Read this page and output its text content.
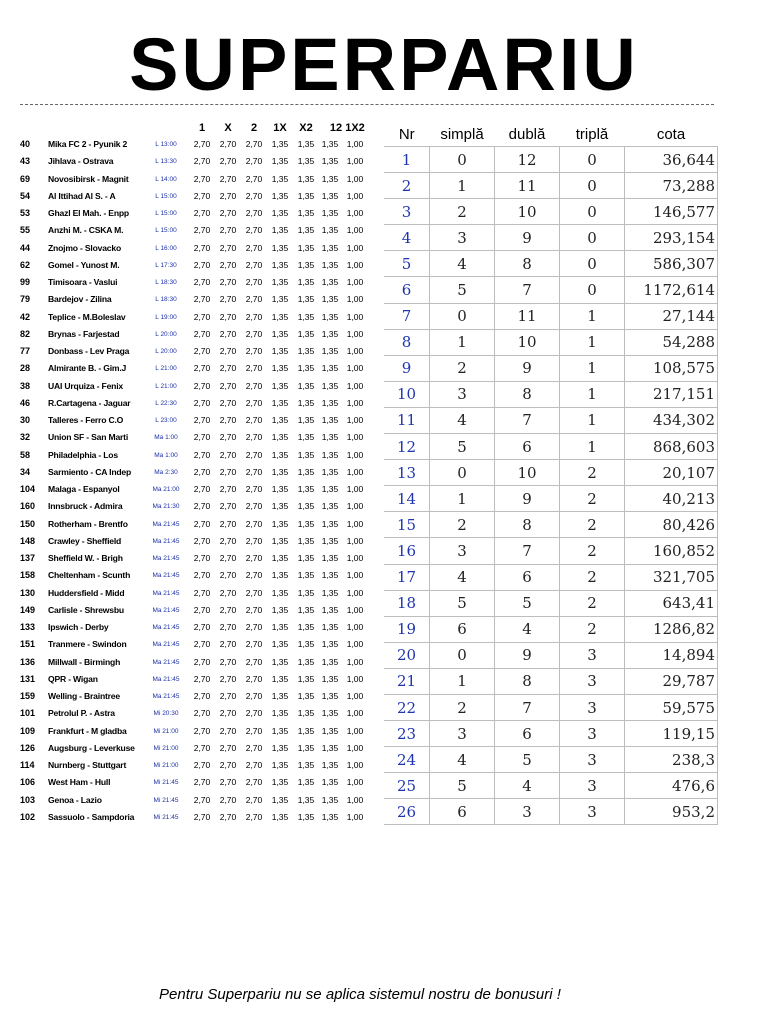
SUPERPARIU
1	X	2	1X	X2	12 1X2
40	Mika FC 2 - Pyunik 2	L 13:00	2,70	2,70	2,70	1,35	1,35 1,35 1,00
43	Jihlava - Ostrava	L 13:30	2,70	2,70	2,70	1,35	1,35 1,35 1,00
69	Novosibirsk - Magnit	L 14:00	2,70	2,70	2,70	1,35	1,35 1,35 1,00
54	Al Ittihad Al S. - A	L 15:00	2,70	2,70	2,70	1,35	1,35 1,35 1,00
53	Ghazl El Mah. - Enpp	L 15:00	2,70	2,70	2,70	1,35	1,35 1,35 1,00
55	Anzhi M. - CSKA M.	L 15:00	2,70	2,70	2,70	1,35	1,35 1,35 1,00
44	Znojmo - Slovacko	L 16:00	2,70	2,70	2,70	1,35	1,35 1,35 1,00
62	Gomel - Yunost M.	L 17:30	2,70	2,70	2,70	1,35	1,35 1,35 1,00
99	Timisoara - Vaslui	L 18:30	2,70	2,70	2,70	1,35	1,35 1,35 1,00
79	Bardejov - Zilina	L 18:30	2,70	2,70	2,70	1,35	1,35 1,35 1,00
42	Teplice - M.Boleslav	L 19:00	2,70	2,70	2,70	1,35	1,35 1,35 1,00
82	Brynas - Farjestad	L 20:00	2,70	2,70	2,70	1,35	1,35 1,35 1,00
77	Donbass - Lev Praga	L 20:00	2,70	2,70	2,70	1,35	1,35 1,35 1,00
28	Almirante B. - Gim.J	L 21:00	2,70	2,70	2,70	1,35	1,35 1,35 1,00
38	UAI Urquiza - Fenix	L 21:00	2,70	2,70	2,70	1,35	1,35 1,35 1,00
46	R.Cartagena - Jaguar	L 22:30	2,70	2,70	2,70	1,35	1,35 1,35 1,00
30	Talleres - Ferro C.O	L 23:00	2,70	2,70	2,70	1,35	1,35 1,35 1,00
32	Union SF - San Marti	Ma 1:00	2,70	2,70	2,70	1,35	1,35 1,35 1,00
58	Philadelphia - Los	Ma 1:00	2,70	2,70	2,70	1,35	1,35 1,35 1,00
34	Sarmiento - CA Indep	Ma 2:30	2,70	2,70	2,70	1,35	1,35 1,35 1,00
104	Malaga - Espanyol	Ma 21:00	2,70	2,70	2,70	1,35	1,35 1,35 1,00
160	Innsbruck - Admira	Ma 21:30	2,70	2,70	2,70	1,35	1,35 1,35 1,00
150	Rotherham - Brentfo	Ma 21:45	2,70	2,70	2,70	1,35	1,35 1,35 1,00
148	Crawley - Sheffield	Ma 21:45	2,70	2,70	2,70	1,35	1,35 1,35 1,00
137	Sheffield W. - Brigh	Ma 21:45	2,70	2,70	2,70	1,35	1,35 1,35 1,00
158	Cheltenham - Scunth	Ma 21:45	2,70	2,70	2,70	1,35	1,35 1,35 1,00
130	Huddersfield - Midd	Ma 21:45	2,70	2,70	2,70	1,35	1,35 1,35 1,00
149	Carlisle - Shrewsbu	Ma 21:45	2,70	2,70	2,70	1,35	1,35 1,35 1,00
133	Ipswich - Derby	Ma 21:45	2,70	2,70	2,70	1,35	1,35 1,35 1,00
151	Tranmere - Swindon	Ma 21:45	2,70	2,70	2,70	1,35	1,35 1,35 1,00
136	Millwall - Birmingh	Ma 21:45	2,70	2,70	2,70	1,35	1,35 1,35 1,00
131	QPR - Wigan	Ma 21:45	2,70	2,70	2,70	1,35	1,35 1,35 1,00
159	Welling - Braintree	Ma 21:45	2,70	2,70	2,70	1,35	1,35 1,35 1,00
101	Petrolul P. - Astra	Mi 20:30	2,70	2,70	2,70	1,35	1,35 1,35 1,00
109	Frankfurt - M gladba	Mi 21:00	2,70	2,70	2,70	1,35	1,35 1,35 1,00
126	Augsburg - Leverkuse	Mi 21:00	2,70	2,70	2,70	1,35	1,35 1,35 1,00
114	Nurnberg - Stuttgart	Mi 21:00	2,70	2,70	2,70	1,35	1,35 1,35 1,00
106	West Ham - Hull	Mi 21:45	2,70	2,70	2,70	1,35	1,35 1,35 1,00
103	Genoa - Lazio	Mi 21:45	2,70	2,70	2,70	1,35	1,35 1,35 1,00
102	Sassuolo - Sampdoria	Mi 21:45	2,70	2,70	2,70	1,35	1,35 1,35 1,00
Nr	simplă	dublă	triplă	cota
1	0	12	0	36,644
2	1	11	0	73,288
3	2	10	0	146,577
4	3	9	0	293,154
5	4	8	0	586,307
6	5	7	0	1172,614
7	0	11	1	27,144
8	1	10	1	54,288
9	2	9	1	108,575
10	3	8	1	217,151
11	4	7	1	434,302
12	5	6	1	868,603
13	0	10	2	20,107
14	1	9	2	40,213
15	2	8	2	80,426
16	3	7	2	160,852
17	4	6	2	321,705
18	5	5	2	643,41
19	6	4	2	1286,82
20	0	9	3	14,894
21	1	8	3	29,787
22	2	7	3	59,575
23	3	6	3	119,15
24	4	5	3	238,3
25	5	4	3	476,6
26	6	3	3	953,2
Pentru Superpariu nu se aplica sistemul nostru de bonusuri !
